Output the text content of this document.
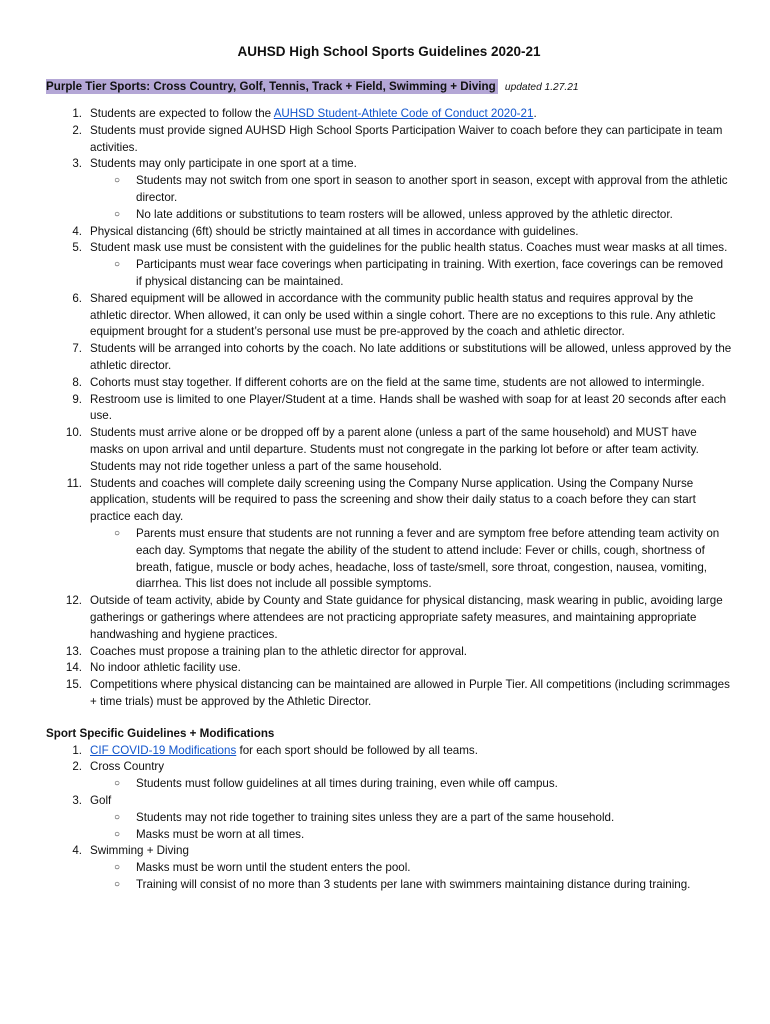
AUHSD High School Sports Guidelines 2020-21
Purple Tier Sports: Cross Country, Golf, Tennis, Track + Field, Swimming + Diving updated 1.27.21
1. Students are expected to follow the AUHSD Student-Athlete Code of Conduct 2020-21.
2. Students must provide signed AUHSD High School Sports Participation Waiver to coach before they can participate in team activities.
3. Students may only participate in one sport at a time.
○ Students may not switch from one sport in season to another sport in season, except with approval from the athletic director.
○ No late additions or substitutions to team rosters will be allowed, unless approved by the athletic director.
4. Physical distancing (6ft) should be strictly maintained at all times in accordance with guidelines.
5. Student mask use must be consistent with the guidelines for the public health status. Coaches must wear masks at all times.
○ Participants must wear face coverings when participating in training. With exertion, face coverings can be removed if physical distancing can be maintained.
6. Shared equipment will be allowed in accordance with the community public health status and requires approval by the athletic director. When allowed, it can only be used within a single cohort. There are no exceptions to this rule. Any athletic equipment brought for a student’s personal use must be pre-approved by the coach and athletic director.
7. Students will be arranged into cohorts by the coach. No late additions or substitutions will be allowed, unless approved by the athletic director.
8. Cohorts must stay together. If different cohorts are on the field at the same time, students are not allowed to intermingle.
9. Restroom use is limited to one Player/Student at a time. Hands shall be washed with soap for at least 20 seconds after each use.
10. Students must arrive alone or be dropped off by a parent alone (unless a part of the same household) and MUST have masks on upon arrival and until departure. Students must not congregate in the parking lot before or after team activity. Students may not ride together unless a part of the same household.
11. Students and coaches will complete daily screening using the Company Nurse application. Using the Company Nurse application, students will be required to pass the screening and show their daily status to a coach before they can start practice each day.
○ Parents must ensure that students are not running a fever and are symptom free before attending team activity on each day. Symptoms that negate the ability of the student to attend include: Fever or chills, cough, shortness of breath, fatigue, muscle or body aches, headache, loss of taste/smell, sore throat, congestion, nausea, vomiting, diarrhea. This list does not include all possible symptoms.
12. Outside of team activity, abide by County and State guidance for physical distancing, mask wearing in public, avoiding large gatherings or gatherings where attendees are not practicing appropriate safety measures, and maintaining appropriate handwashing and hygiene practices.
13. Coaches must propose a training plan to the athletic director for approval.
14. No indoor athletic facility use.
15. Competitions where physical distancing can be maintained are allowed in Purple Tier. All competitions (including scrimmages + time trials) must be approved by the Athletic Director.
Sport Specific Guidelines + Modifications
1. CIF COVID-19 Modifications for each sport should be followed by all teams.
2. Cross Country
○ Students must follow guidelines at all times during training, even while off campus.
3. Golf
○ Students may not ride together to training sites unless they are a part of the same household.
○ Masks must be worn at all times.
4. Swimming + Diving
○ Masks must be worn until the student enters the pool.
○ Training will consist of no more than 3 students per lane with swimmers maintaining distance during training.
